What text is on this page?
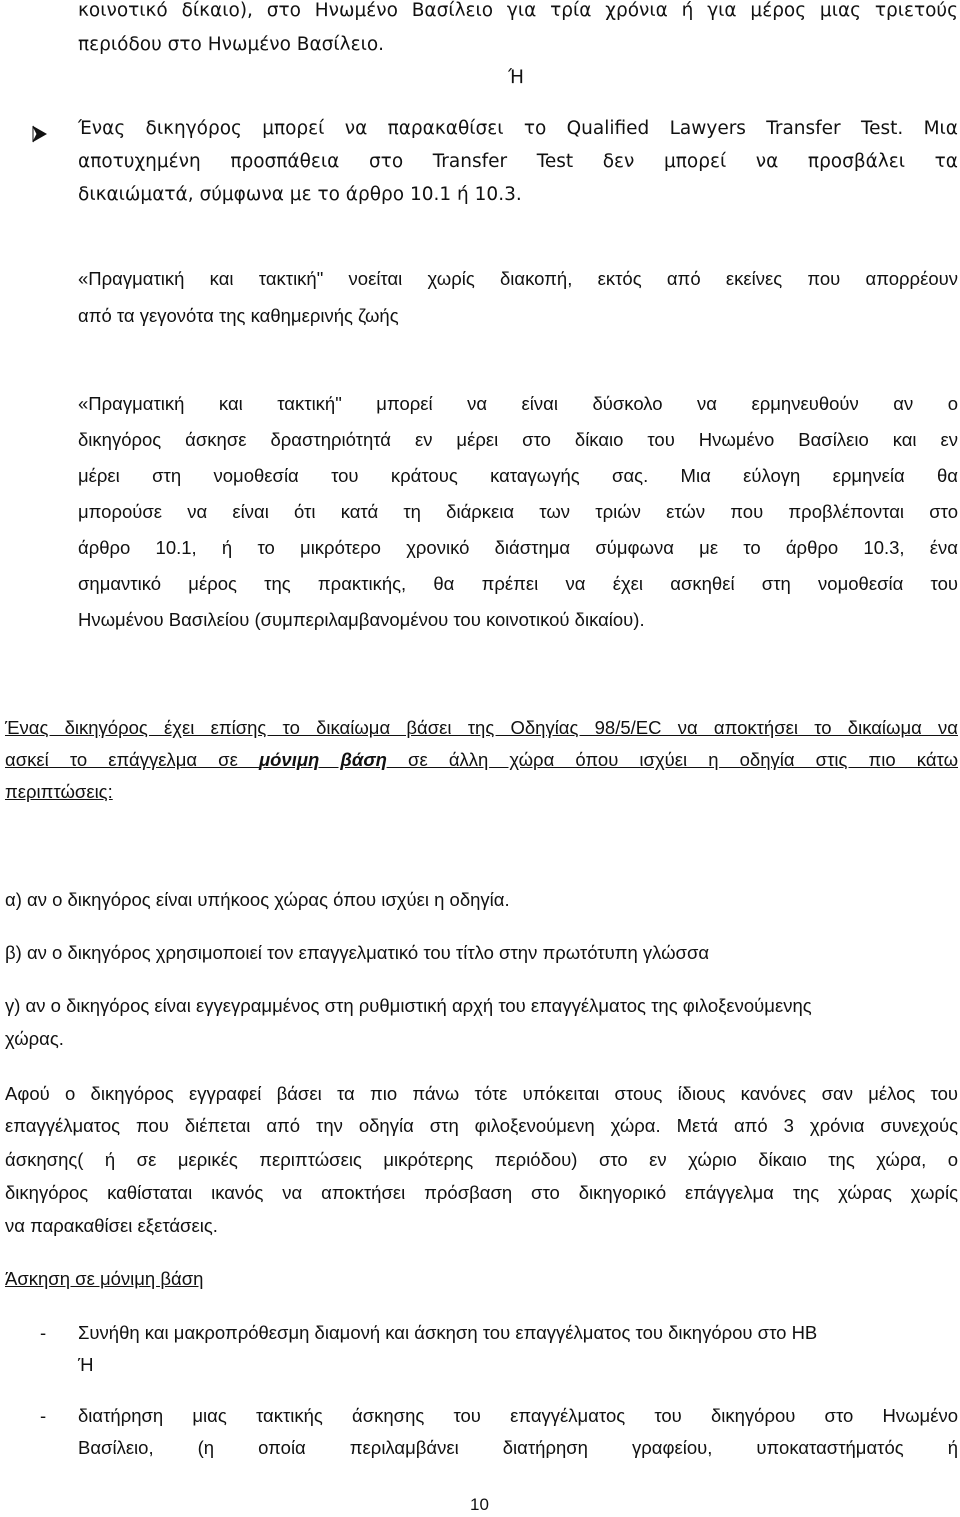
κοινοτικό δίκαιο), στο Ηνωμένο Βασίλειο για τρία χρόνια ή για μέρος μιας τριετούς
περιόδου στο Ηνωμένο Βασίλειο.
Ή
Ένας δικηγόρος μπορεί να παρακαθίσει το Qualified Lawyers Transfer Test. Μια
αποτυχημένη προσπάθεια στο Transfer Test δεν μπορεί να προσβάλει τα
δικαιώματά, σύμφωνα με το άρθρο 10.1 ή 10.3.
«Πραγματική και τακτική" νοείται χωρίς διακοπή, εκτός από εκείνες που απορρέουν
από τα γεγονότα της καθημερινής ζωής
«Πραγματική και τακτική" μπορεί να είναι δύσκολο να ερμηνευθούν αν ο
δικηγόρος άσκησε δραστηριότητά εν μέρει στο δίκαιο του Ηνωμένο Βασίλειο και εν
μέρει στη νομοθεσία του κράτους καταγωγής σας. Μια εύλογη ερμηνεία θα
μπορούσε να είναι ότι κατά τη διάρκεια των τριών ετών που προβλέπονται στο
άρθρο 10.1, ή το μικρότερο χρονικό διάστημα σύμφωνα με το άρθρο 10.3, ένα
σημαντικό μέρος της πρακτικής, θα πρέπει να έχει ασκηθεί στη νομοθεσία του
Ηνωμένου Βασιλείου (συμπεριλαμβανομένου του κοινοτικού δικαίου).
Ένας δικηγόρος έχει επίσης το δικαίωμα βάσει της Οδηγίας 98/5/EC να αποκτήσει το δικαίωμα να
ασκεί το επάγγελμα σε μόνιμη βάση σε άλλη χώρα όπου ισχύει η οδηγία στις πιο κάτω
περιπτώσεις:
α) αν ο δικηγόρος είναι υπήκοος χώρας όπου ισχύει η οδηγία.
β) αν ο δικηγόρος χρησιμοποιεί τον επαγγελματικό του τίτλο στην πρωτότυπη γλώσσα
γ) αν ο δικηγόρος είναι εγγεγραμμένος στη ρυθμιστική αρχή του επαγγέλματος της φιλοξενούμενης
χώρας.
Αφού ο δικηγόρος εγγραφεί βάσει τα πιο πάνω τότε υπόκειται στους ίδιους κανόνες σαν μέλος του
επαγγέλματος που διέπεται από την οδηγία στη φιλοξενούμενη χώρα. Μετά από 3 χρόνια συνεχούς
άσκησης( ή σε μερικές περιπτώσεις μικρότερης περιόδου) στο εν χώριο δίκαιο της χώρα, ο
δικηγόρος καθίσταται ικανός να αποκτήσει πρόσβαση στο δικηγορικό επάγγελμα της χώρας χωρίς
να παρακαθίσει εξετάσεις.
Άσκηση σε μόνιμη βάση
- Συνήθη και μακροπρόθεσμη διαμονή και άσκηση του επαγγέλματος του δικηγόρου στο ΗΒ
Ή
- διατήρηση μιας τακτικής άσκησης του επαγγέλματος του δικηγόρου στο Ηνωμένο
Βασίλειο, (η οποία περιλαμβάνει διατήρηση γραφείου, υποκαταστήματός ή
10
